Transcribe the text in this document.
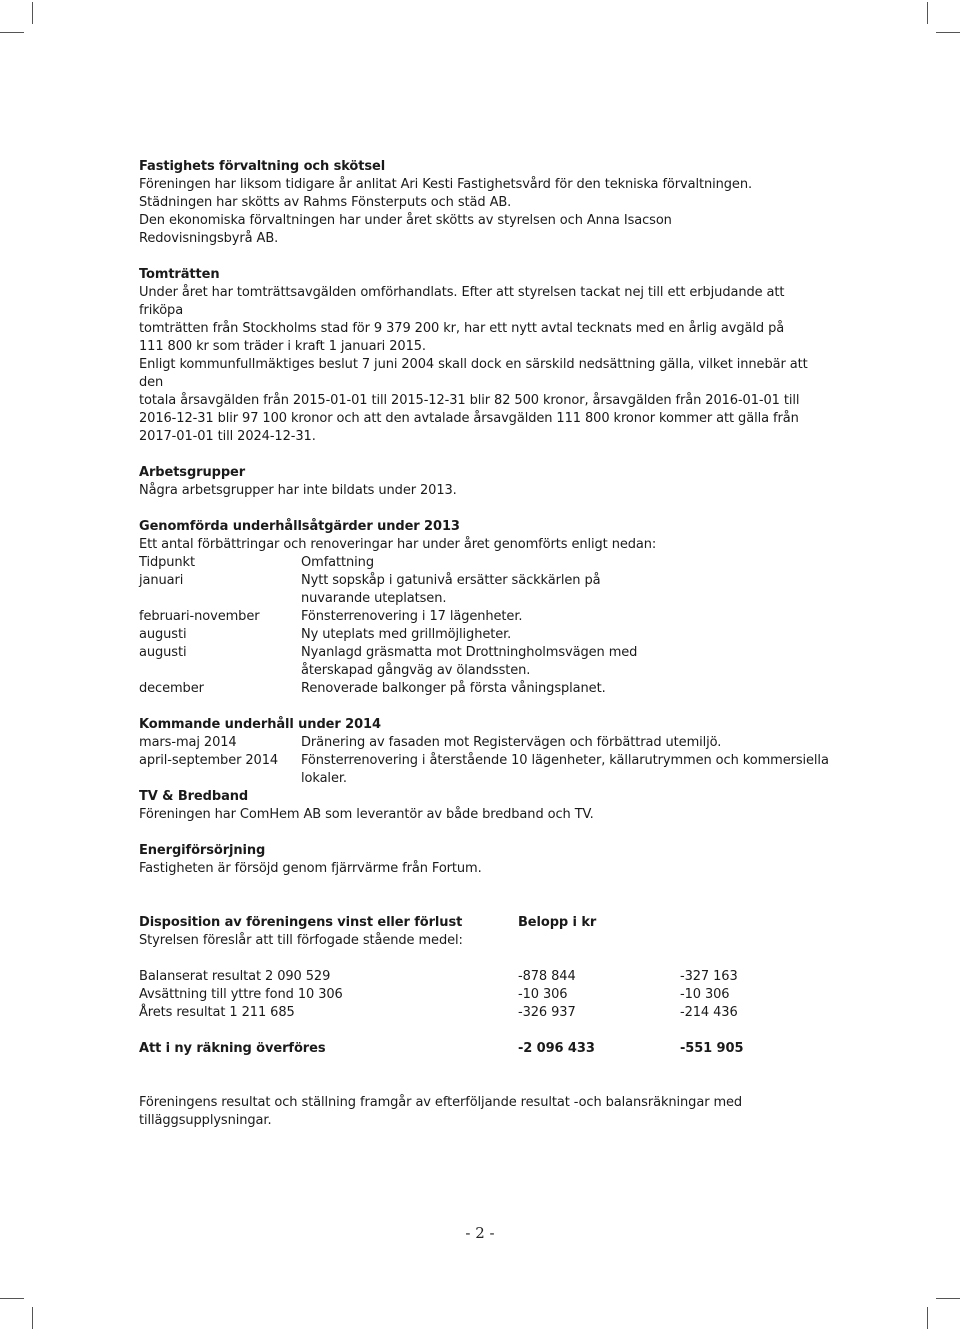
Fastighets förvaltning och skötsel

Föreningen har liksom tidigare år anlitat Ari Kesti Fastighetsvård för den tekniska förvaltningen.

Städningen har skötts av Rahms Fönsterputs och städ AB.

Den ekonomiska förvaltningen har under året skötts av styrelsen och Anna Isacson

Redovisningsbyrå AB.

Tomträtten

Under året har tomträttsavgälden omförhandlats. Efter att styrelsen tackat nej till ett erbjudande att friköpa

tomträtten från Stockholms stad för 9 379 200 kr, har ett nytt avtal tecknats med en årlig avgäld på

111 800 kr som träder i kraft 1 januari 2015.

Enligt kommunfullmäktiges beslut 7 juni 2004 skall dock en särskild nedsättning gälla, vilket innebär att den

totala årsavgälden från 2015-01-01 till 2015-12-31 blir 82 500 kronor, årsavgälden från 2016-01-01 till

2016-12-31 blir 97 100 kronor och att den avtalade årsavgälden 111 800 kronor kommer att gälla från

2017-01-01 till 2024-12-31.

Arbetsgrupper

Några arbetsgrupper har inte bildats under 2013.

Genomförda underhållsåtgärder under 2013

Ett antal förbättringar och renoveringar har under året genomförts enligt nedan:

Tidpunkt	Omfattning
januari	Nytt sopskåp i gatunivå ersätter säckkärlen på nuvarande uteplatsen.
februari-november	Fönsterrenovering i 17 lägenheter.
augusti	Ny uteplats med grillmöjligheter.
augusti	Nyanlagd gräsmatta mot Drottningholmsvägen med återskapad gångväg av ölandssten.
december	Renoverade balkonger på första våningsplanet.

Kommande underhåll under 2014

mars-maj 2014	Dränering av fasaden mot Registervägen och förbättrad utemiljö.
april-september 2014	Fönsterrenovering i återstående 10 lägenheter, källarutrymmen och kommersiella lokaler.

TV & Bredband

Föreningen har ComHem AB som leverantör av både bredband och TV.

Energiförsörjning

Fastigheten är försöjd genom fjärrvärme från Fortum.

Disposition av föreningens vinst eller förlust	Belopp i kr

Styrelsen föreslår att till förfogade stående medel:

Balanserat resultat 2 090 529	-878 844	-327 163
Avsättning till yttre fond 10 306	-10 306	-10 306
Årets resultat 1 211 685	-326 937	-214 436
Att i ny räkning överföres	-2 096 433	-551 905

Föreningens resultat och ställning framgår av efterföljande resultat -och balansräkningar med

tilläggsupplysningar.

- 2 -
